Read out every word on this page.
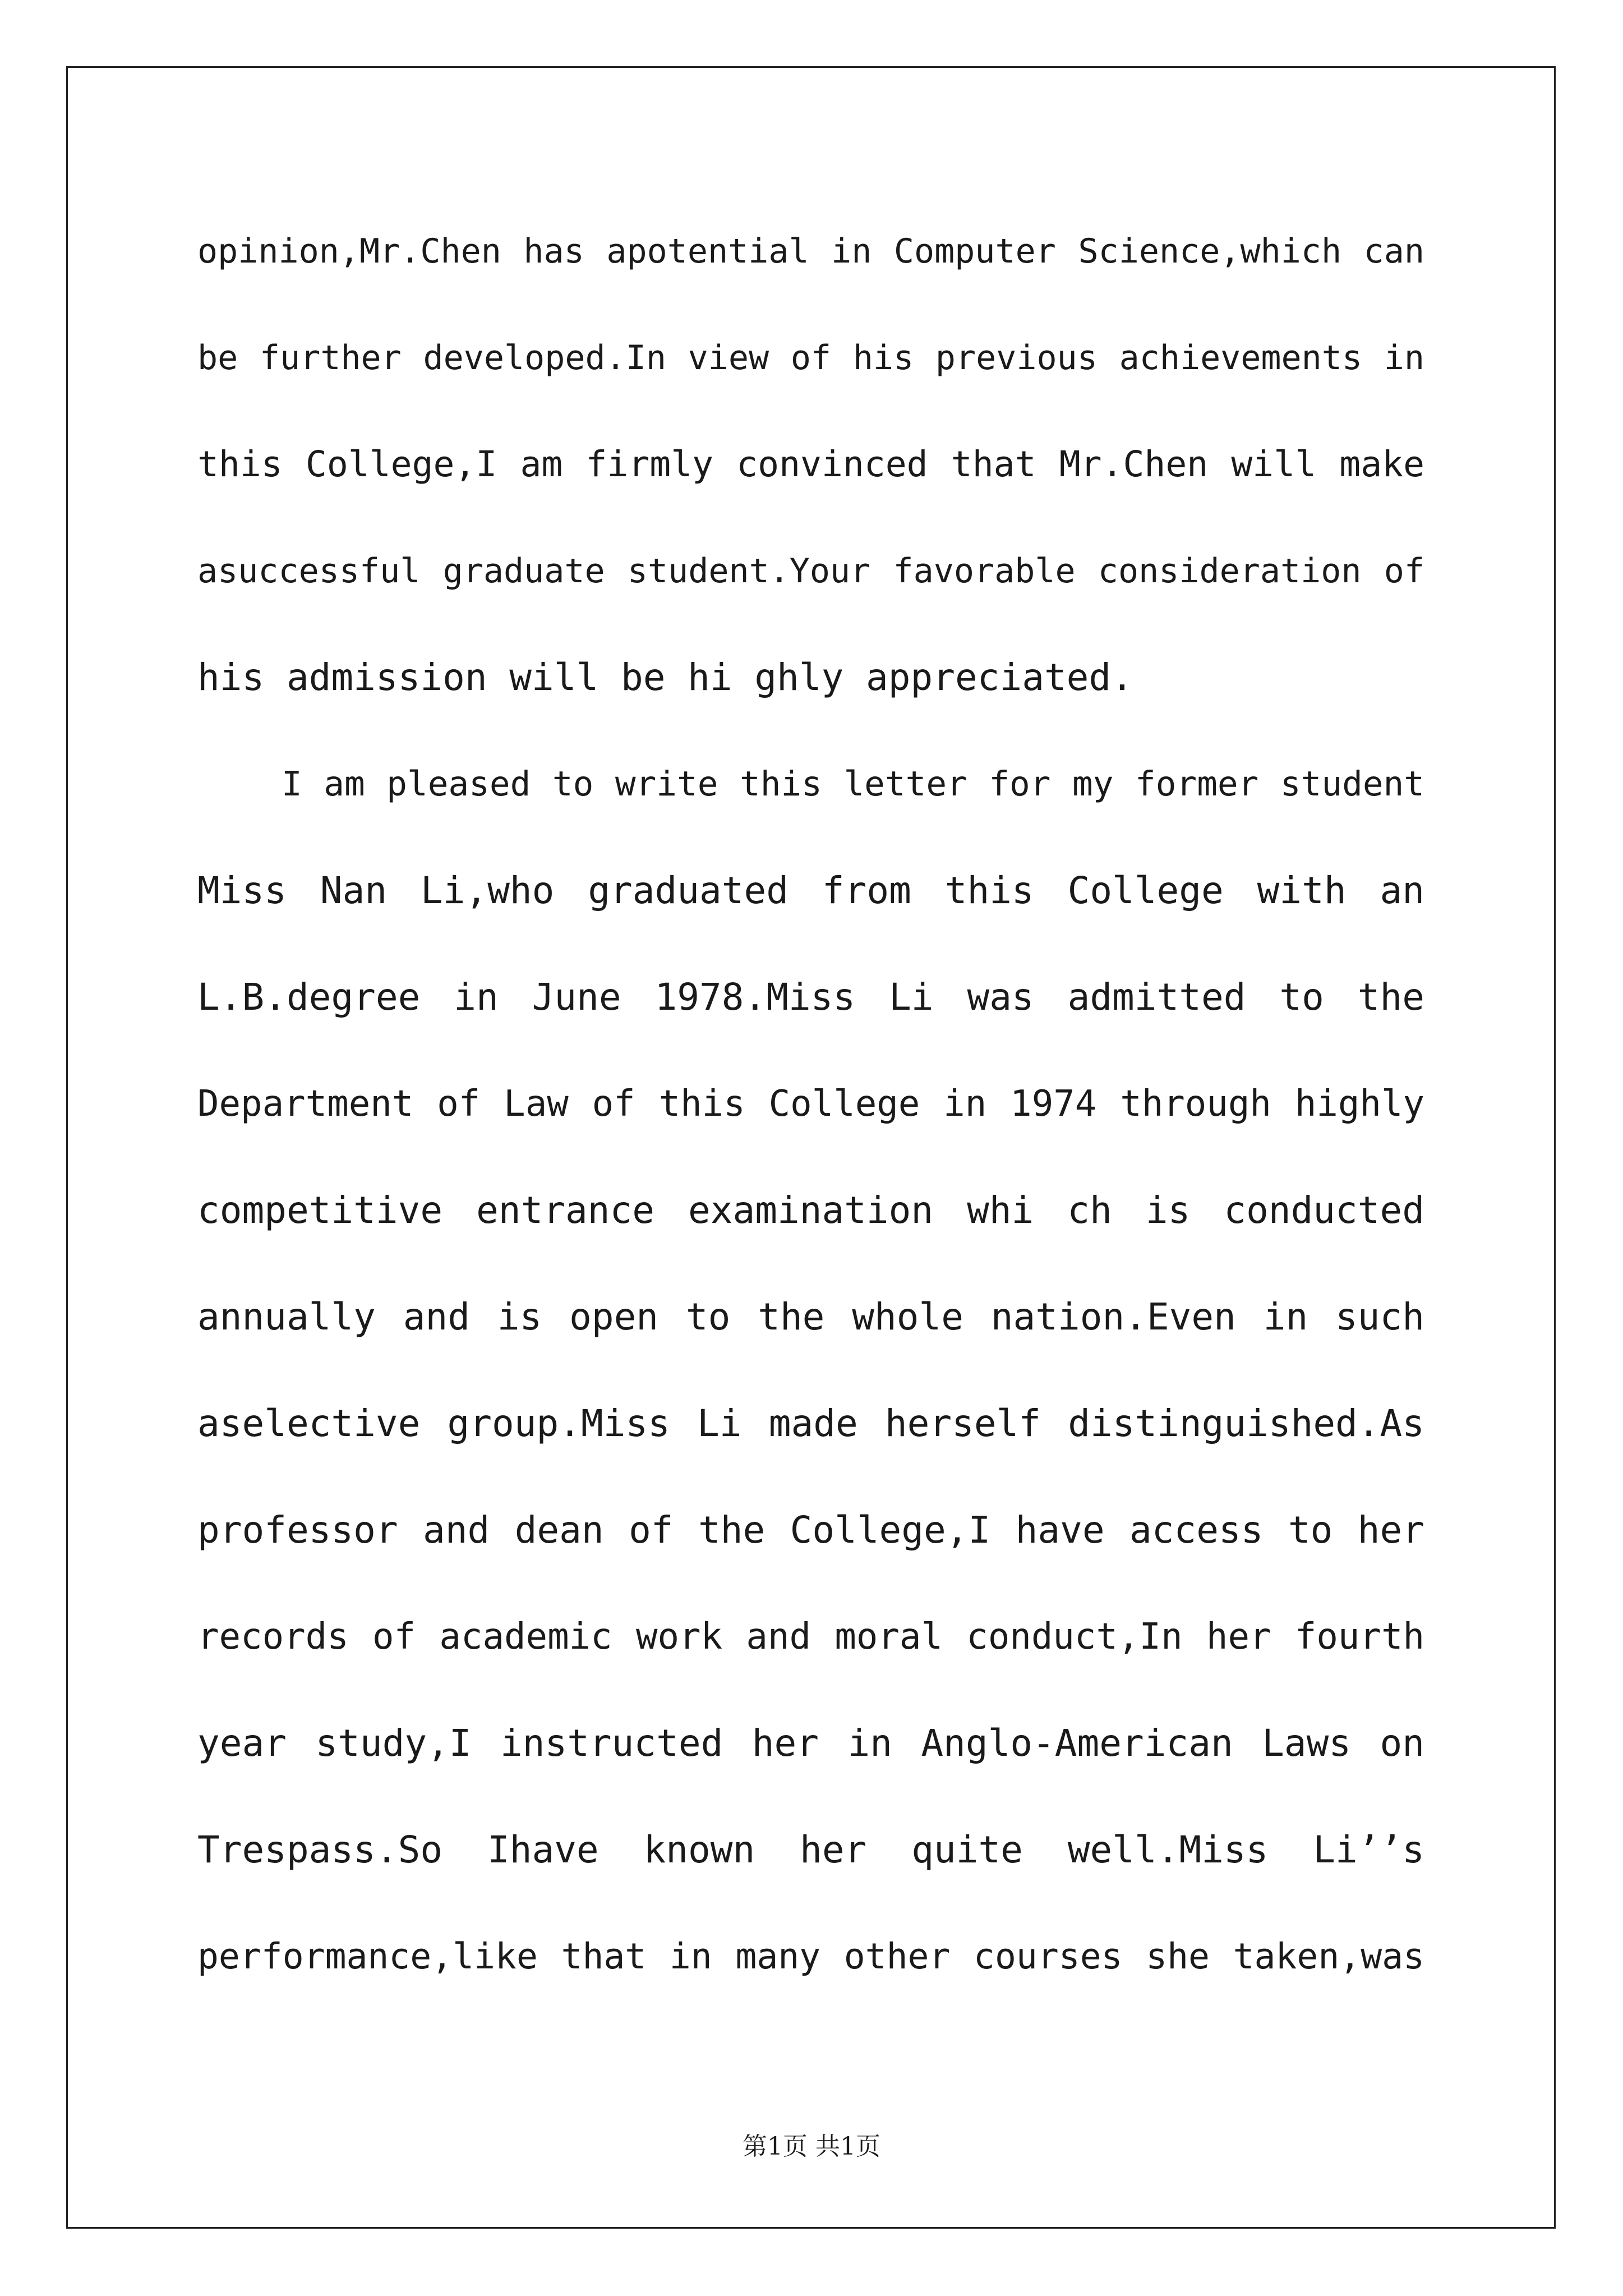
opinion,Mr.Chen has apotential in Computer Science,which can
be further developed.In view of his previous achievements in
this College,I am firmly convinced that Mr.Chen will make
asuccessful graduate student.Your favorable consideration of
his admission will be hi ghly appreciated.
I am pleased to write this letter for my former student
Miss Nan Li,who graduated from this College with an
L.B.degree in June 1978.Miss Li was admitted to the
Department of Law of this College in 1974 through highly
competitive entrance examination whi ch is conducted
annually and is open to the whole nation.Even in such
aselective group.Miss Li made herself distinguished.As
professor and dean of the College,I have access to her
records of academic work and moral conduct,In her fourth
year study,I instructed her in Anglo-American Laws on
Trespass.So Ihave known her quite well.Miss Li’’s
performance,like that in many other courses she taken,was
第1页 共1页
